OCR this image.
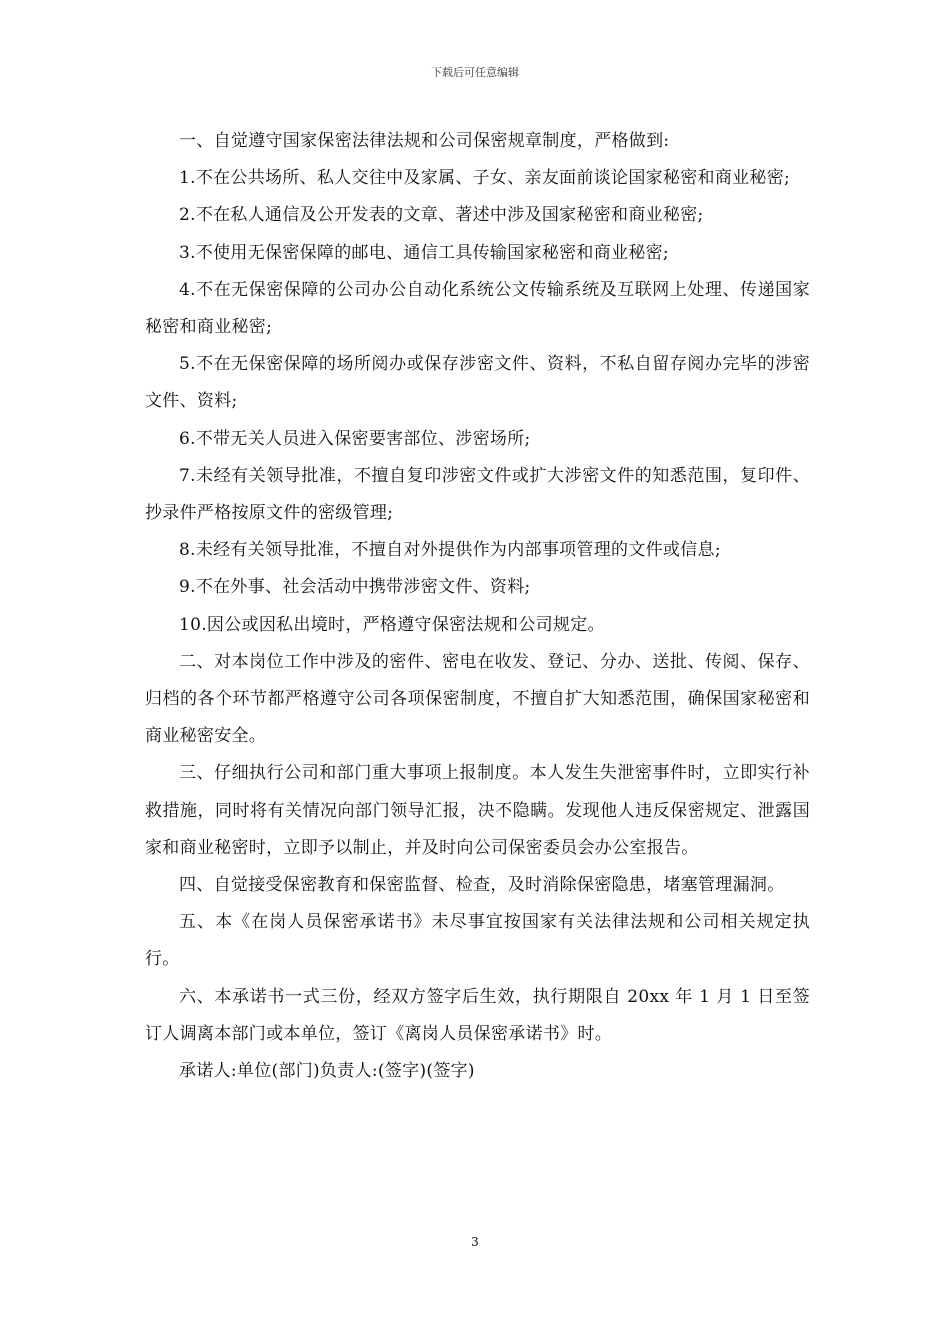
下载后可任意编辑

一、自觉遵守国家保密法律法规和公司保密规章制度，严格做到:

1.不在公共场所、私人交往中及家属、子女、亲友面前谈论国家秘密和商业秘密;

2.不在私人通信及公开发表的文章、著述中涉及国家秘密和商业秘密;

3.不使用无保密保障的邮电、通信工具传输国家秘密和商业秘密;

4.不在无保密保障的公司办公自动化系统公文传输系统及互联网上处理、传递国家秘密和商业秘密;

5.不在无保密保障的场所阅办或保存涉密文件、资料，不私自留存阅办完毕的涉密文件、资料;

6.不带无关人员进入保密要害部位、涉密场所;

7.未经有关领导批准，不擅自复印涉密文件或扩大涉密文件的知悉范围，复印件、抄录件严格按原文件的密级管理;

8.未经有关领导批准，不擅自对外提供作为内部事项管理的文件或信息;

9.不在外事、社会活动中携带涉密文件、资料;

10.因公或因私出境时，严格遵守保密法规和公司规定。

二、对本岗位工作中涉及的密件、密电在收发、登记、分办、送批、传阅、保存、归档的各个环节都严格遵守公司各项保密制度，不擅自扩大知悉范围，确保国家秘密和商业秘密安全。

三、仔细执行公司和部门重大事项上报制度。本人发生失泄密事件时，立即实行补救措施，同时将有关情况向部门领导汇报，决不隐瞒。发现他人违反保密规定、泄露国家和商业秘密时，立即予以制止，并及时向公司保密委员会办公室报告。

四、自觉接受保密教育和保密监督、检查，及时消除保密隐患，堵塞管理漏洞。

五、本《在岗人员保密承诺书》未尽事宜按国家有关法律法规和公司相关规定执行。

六、本承诺书一式三份，经双方签字后生效，执行期限自 20xx 年 1 月 1 日至签订人调离本部门或本单位，签订《离岗人员保密承诺书》时。

承诺人:单位(部门)负责人:(签字)(签字)

3
